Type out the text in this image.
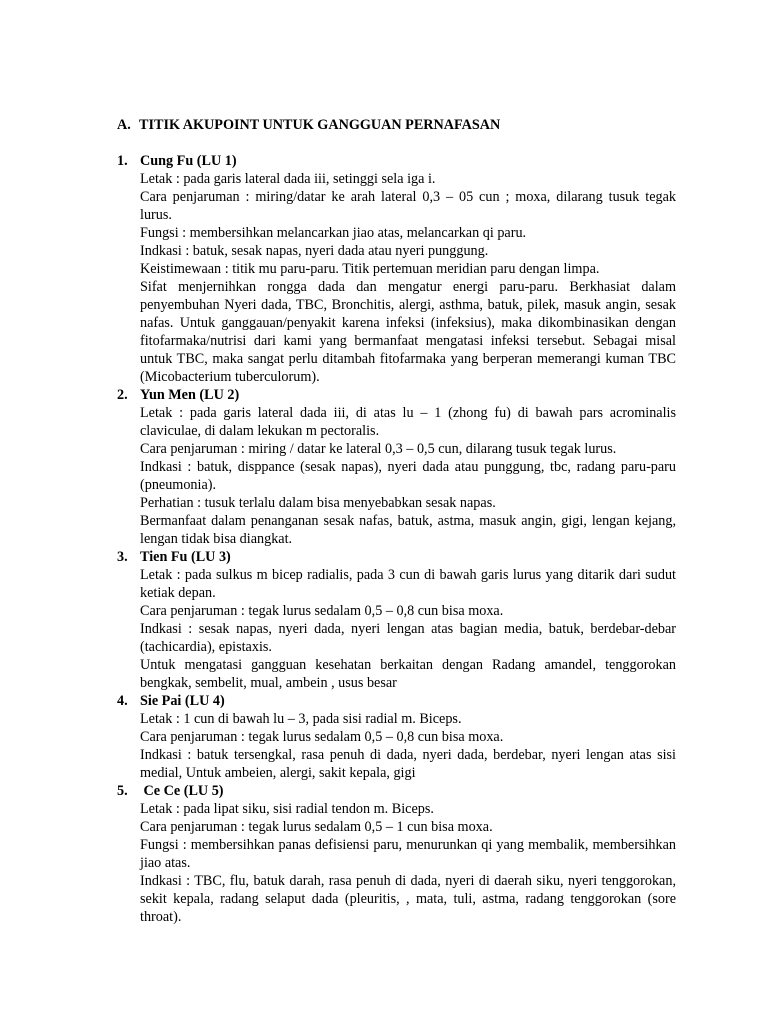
A. TITIK AKUPOINT UNTUK GANGGUAN PERNAFASAN
1. Cung Fu (LU 1)

Letak : pada garis lateral dada iii, setinggi sela iga i.

Cara penjaruman : miring/datar ke arah lateral 0,3 – 05 cun ; moxa, dilarang tusuk tegak lurus.

Fungsi : membersihkan melancarkan jiao atas, melancarkan qi paru.

Indkasi : batuk, sesak napas, nyeri dada atau nyeri punggung.

Keistimewaan : titik mu paru-paru. Titik pertemuan meridian paru dengan limpa.

Sifat menjernihkan rongga dada dan mengatur energi paru-paru. Berkhasiat dalam penyembuhan Nyeri dada, TBC, Bronchitis, alergi, asthma, batuk, pilek, masuk angin, sesak nafas. Untuk ganggauan/penyakit karena infeksi (infeksius), maka dikombinasikan dengan fitofarmaka/nutrisi dari kami yang bermanfaat mengatasi infeksi tersebut. Sebagai misal untuk TBC, maka sangat perlu ditambah fitofarmaka yang berperan memerangi kuman TBC (Micobacterium tuberculorum).

2. Yun Men (LU 2)

Letak : pada garis lateral dada iii, di atas lu – 1 (zhong fu) di bawah pars acrominalis claviculae, di dalam lekukan m pectoralis.

Cara penjaruman : miring / datar ke lateral 0,3 – 0,5 cun, dilarang tusuk tegak lurus.

Indkasi : batuk, disppance (sesak napas), nyeri dada atau punggung, tbc, radang paru-paru (pneumonia).

Perhatian : tusuk terlalu dalam bisa menyebabkan sesak napas.

Bermanfaat dalam penanganan sesak nafas, batuk, astma, masuk angin, gigi, lengan kejang, lengan tidak bisa diangkat.

3. Tien Fu (LU 3)

Letak : pada sulkus m bicep radialis, pada 3 cun di bawah garis lurus yang ditarik dari sudut ketiak depan.

Cara penjaruman : tegak lurus sedalam 0,5 – 0,8 cun bisa moxa.

Indkasi : sesak napas, nyeri dada, nyeri lengan atas bagian media, batuk, berdebar-debar (tachicardia), epistaxis.

Untuk mengatasi gangguan kesehatan berkaitan dengan Radang amandel, tenggorokan bengkak, sembelit, mual, ambein , usus besar

4. Sie Pai (LU 4)

Letak : 1 cun di bawah lu – 3, pada sisi radial m. Biceps.

Cara penjaruman : tegak lurus sedalam 0,5 – 0,8 cun bisa moxa.

Indkasi : batuk tersengkal, rasa penuh di dada, nyeri dada, berdebar, nyeri lengan atas sisi medial, Untuk ambeien, alergi, sakit kepala, gigi

5. Ce Ce (LU 5)

Letak : pada lipat siku, sisi radial tendon m. Biceps.

Cara penjaruman : tegak lurus sedalam 0,5 – 1 cun bisa moxa.

Fungsi : membersihkan panas defisiensi paru, menurunkan qi yang membalik, membersihkan jiao atas.

Indkasi : TBC, flu, batuk darah, rasa penuh di dada, nyeri di daerah siku, nyeri tenggorokan, sekit kepala, radang selaput dada (pleuritis, , mata, tuli, astma, radang tenggorokan (sore throat).
